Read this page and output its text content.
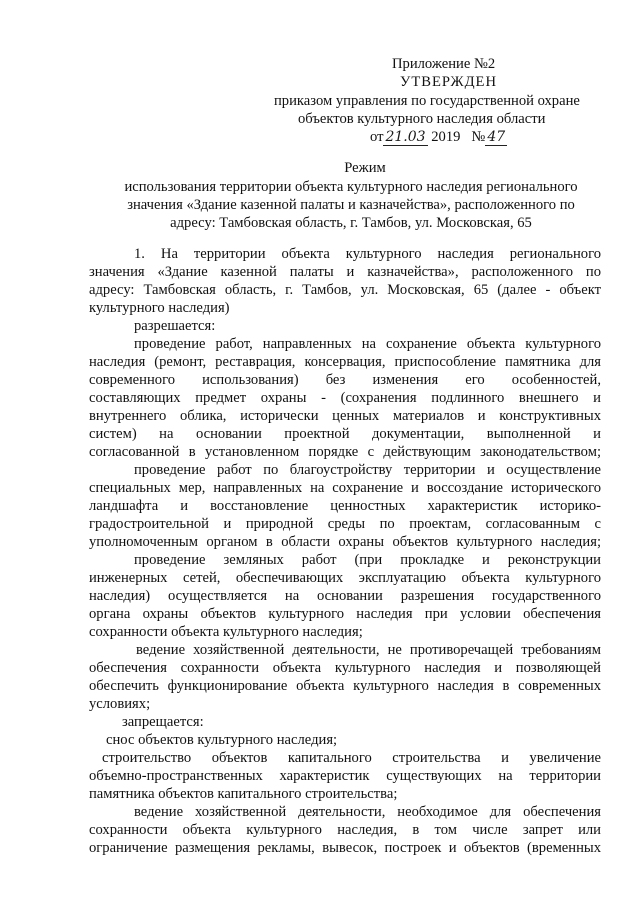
Приложение №2
УТВЕРЖДЕН
приказом управления по государственной охране
объектов культурного наследия области
от 21.03 2019 № 47
Режим
использования территории объекта культурного наследия регионального
значения «Здание казенной палаты и казначейства», расположенного по
адресу: Тамбовская область, г. Тамбов, ул. Московская, 65
1. На территории объекта культурного наследия регионального
значения «Здание казенной палаты и казначейства», расположенного по
адресу: Тамбовская область, г. Тамбов, ул. Московская, 65 (далее - объект
культурного наследия)
разрешается:
проведение работ, направленных на сохранение объекта культурного
наследия (ремонт, реставрация, консервация, приспособление памятника для
современного использования) без изменения его особенностей,
составляющих предмет охраны - (сохранения подлинного внешнего и
внутреннего облика, исторически ценных материалов и конструктивных
систем) на основании проектной документации, выполненной и
согласованной в установленном порядке с действующим законодательством;
проведение работ по благоустройству территории и осуществление
специальных мер, направленных на сохранение и воссоздание исторического
ландшафта и восстановление ценностных характеристик историко-
градостроительной и природной среды по проектам, согласованным с
уполномоченным органом в области охраны объектов культурного наследия;
проведение земляных работ (при прокладке и реконструкции
инженерных сетей, обеспечивающих эксплуатацию объекта культурного
наследия) осуществляется на основании разрешения государственного
органа охраны объектов культурного наследия при условии обеспечения
сохранности объекта культурного наследия;
ведение хозяйственной деятельности, не противоречащей требованиям
обеспечения сохранности объекта культурного наследия и позволяющей
обеспечить функционирование объекта культурного наследия в современных
условиях;
запрещается:
снос объектов культурного наследия;
строительство объектов капитального строительства и увеличение
объемно-пространственных характеристик существующих на территории
памятника объектов капитального строительства;
ведение хозяйственной деятельности, необходимое для обеспечения
сохранности объекта культурного наследия, в том числе запрет или
ограничение размещения рекламы, вывесок, построек и объектов (временных
